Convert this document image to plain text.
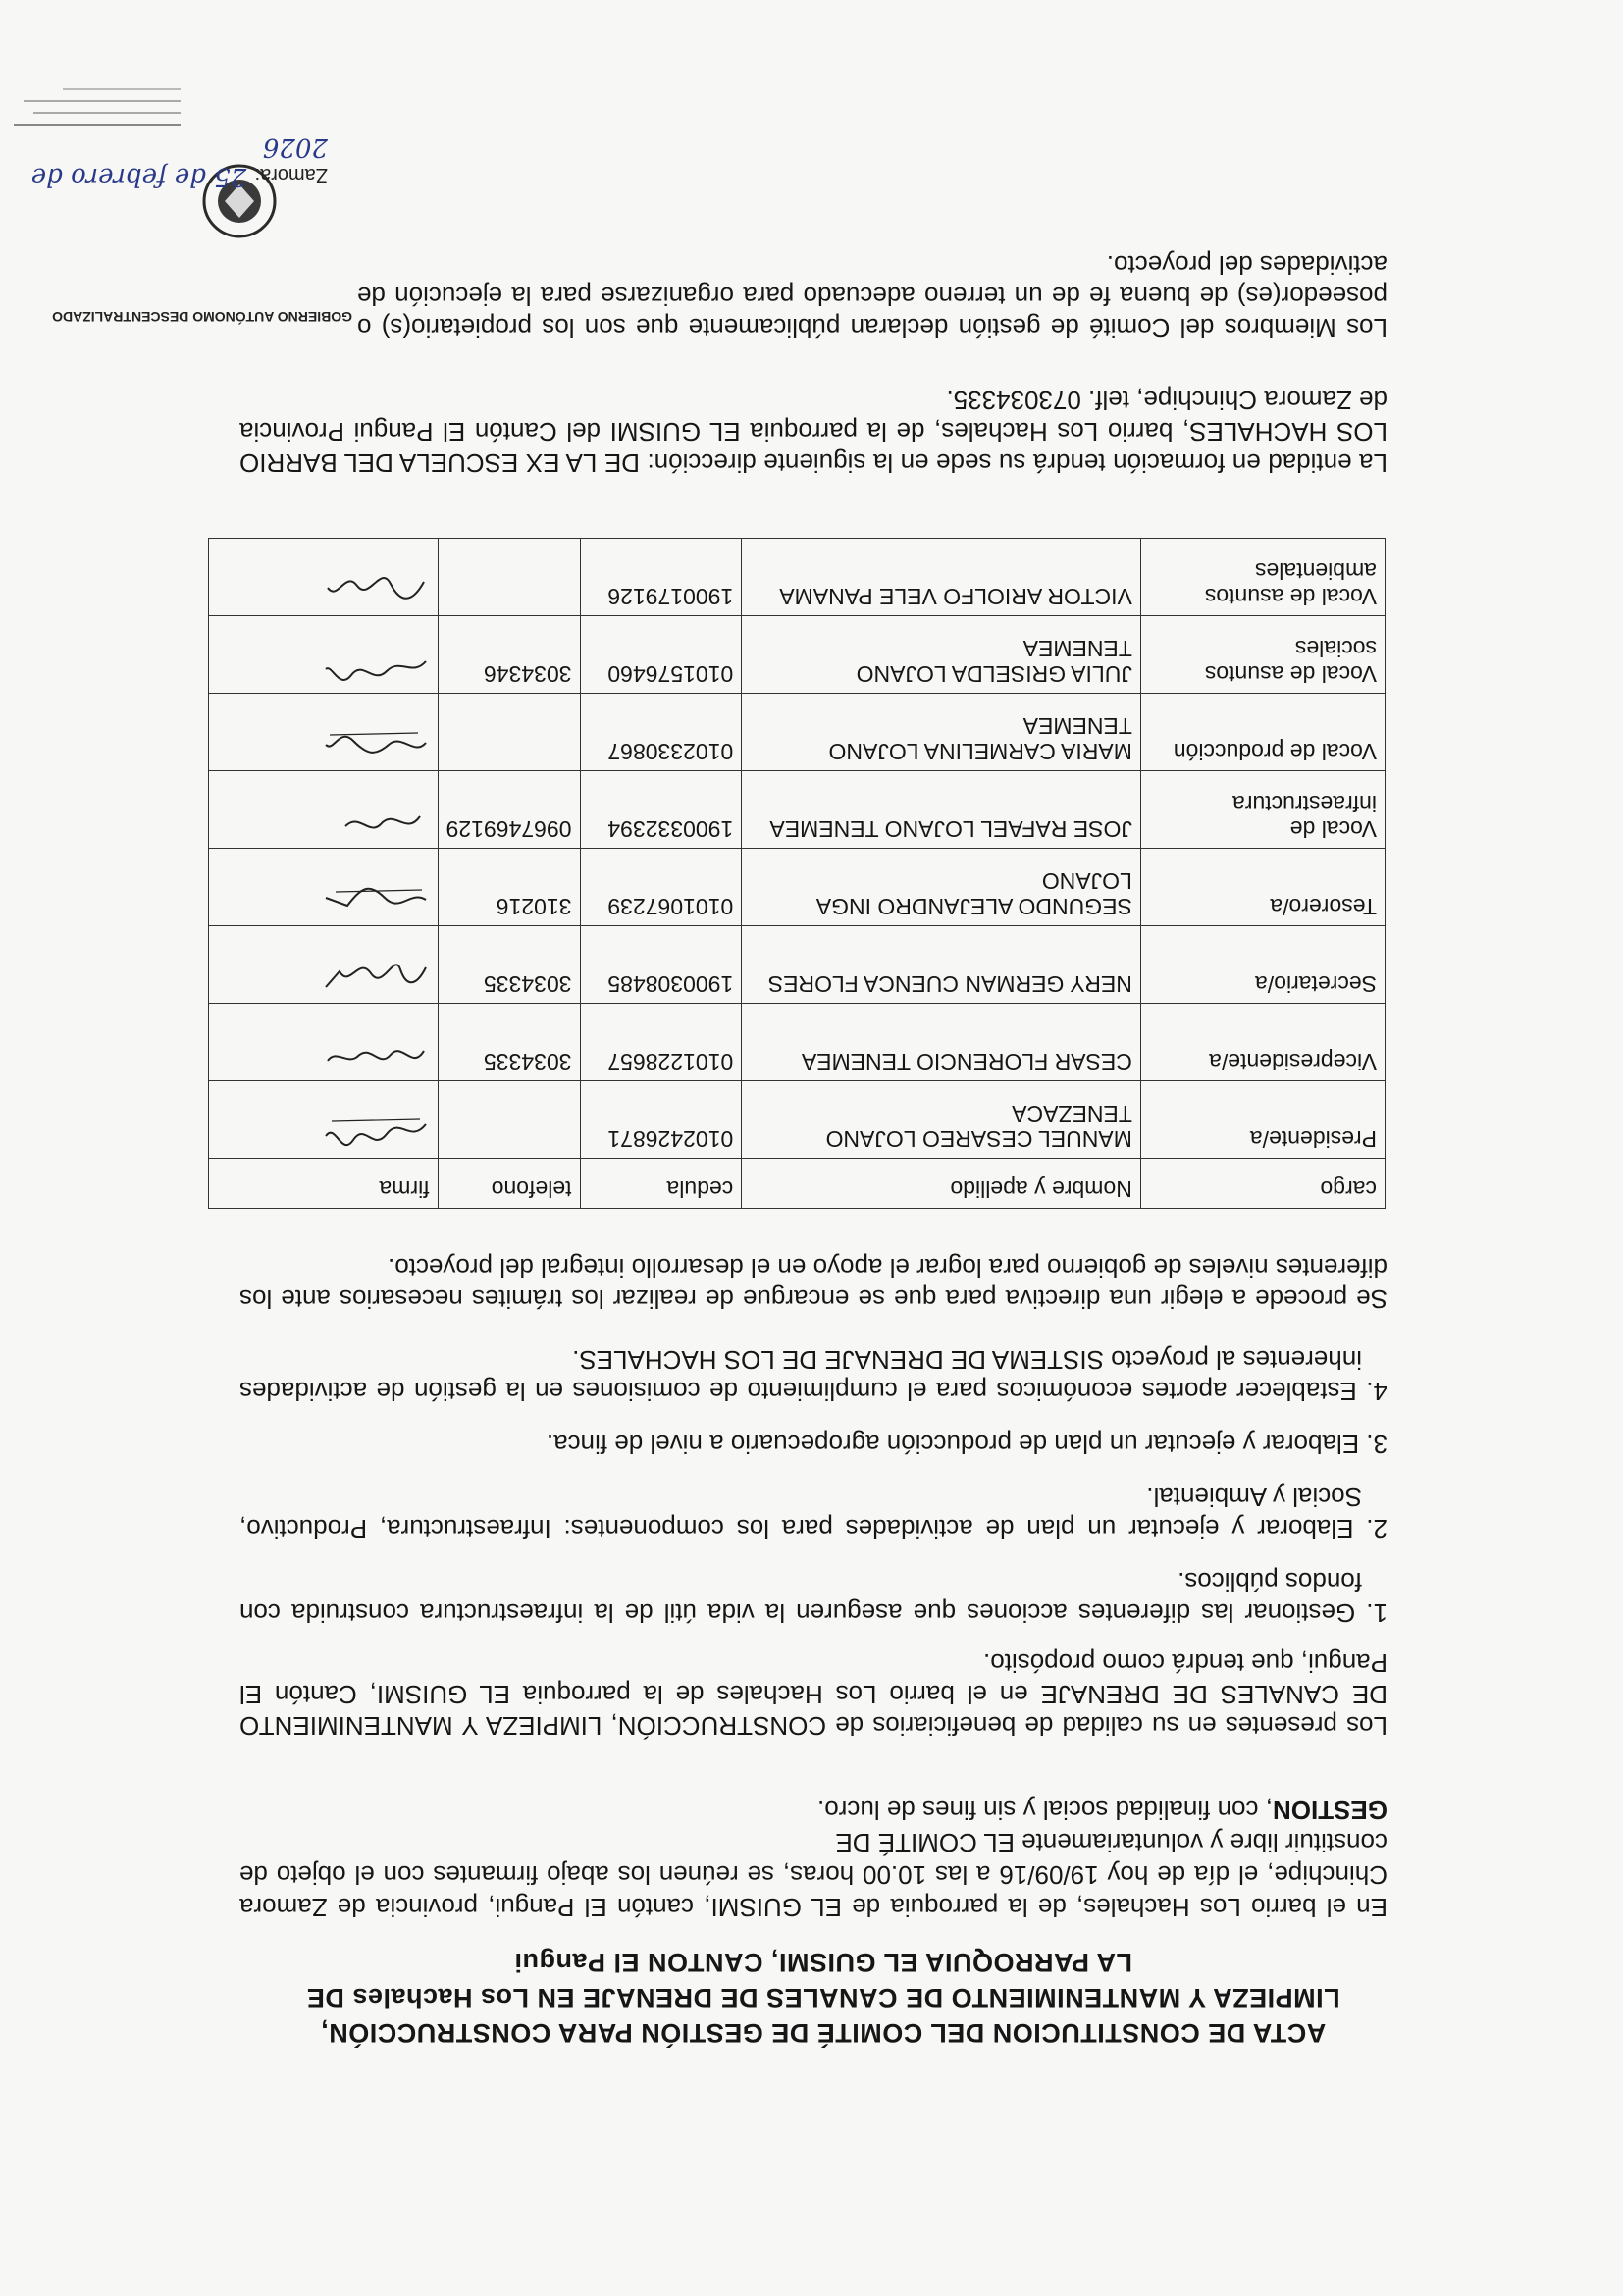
ACTA DE CONSTITUCION DEL COMITÉ DE GESTIÓN PARA CONSTRUCCIÓN,
LIMPIEZA Y MANTENIMIENTO DE CANALES DE DRENAJE EN Los Hachales DE
LA PARROQUIA EL GUISMI, CANTON El Pangui
En el barrio Los Hachales, de la parroquia de EL GUISMI, cantón El Pangui, provincia de Zamora Chinchipe, el día de hoy 19/09/16 a las 10.00 horas, se reúnen los abajo firmantes con el objeto de constituir libre y voluntariamente EL COMITÉ DE
GESTION, con finalidad social y sin fines de lucro.
Los presentes en su calidad de beneficiarios de CONSTRUCCIÓN, LIMPIEZA Y MANTENIMIENTO DE CANALES DE DRENAJE en el barrio Los Hachales de la parroquia EL GUISMI, Cantón El Pangui, que tendrá como propósito.
1. Gestionar las diferentes acciones que aseguren la vida útil de la infraestructura construida con fondos públicos.
2. Elaborar y ejecutar un plan de actividades para los componentes: Infraestructura, Productivo, Social y Ambiental.
3. Elaborar y ejecutar un plan de producción agropecuario a nivel de finca.
4. Establecer aportes económicos para el cumplimiento de comisiones en la gestión de actividades inherentes al proyecto SISTEMA DE DRENAJE DE LOS HACHALES.
Se procede a elegir una directiva para que se encargue de realizar los trámites necesarios ante los diferentes niveles de gobierno para lograr el apoyo en el desarrollo integral del proyecto.
cargo	Nombre y apellido	cedula	telefono	firma
Presidente/a	MANUEL CESAREO LOJANO TENEZACA	0102426871		

Vicepresidente/a	CESAR FLORENCIO TENEMEA	0101228657	3034335	

Secretario/a	NERY GERMAN CUENCA FLORES	1900308485	3034335	

Tesorero/a	SEGUNDO ALEJANDRO INGA LOJANO	0101067239	310216	

Vocal de infraestructura	JOSE RAFAEL LOJANO TENEMEA	1900332394	0967469129	

Vocal de producción	MARIA CARMELINA LOJANO TENEMEA	0102330867		

Vocal de asuntos sociales	JULIA GRISELDA LOJANO TENEMEA	0101576460	3034346	

Vocal de asuntos ambientales	VICTOR ARIOLFO VELE PANAMA	1900179126		
La entidad en formación tendrá su sede en la siguiente dirección: DE LA EX ESCUELA DEL BARRIO LOS HACHALES, barrio Los Hachales, de la parroquia EL GUISMI del Cantón El Pangui Provincia de Zamora Chinchipe, telf. 073034335.
Los Miembros del Comité de gestión declaran públicamente que son los propietario(s) o poseedor(es) de buena fe de un terreno adecuado para organizarse para la ejecución de actividades del proyecto.
GOBIERNO AUTÓNOMO DESCENTRALIZADO
Zamora: 25 de febrero de 2026
